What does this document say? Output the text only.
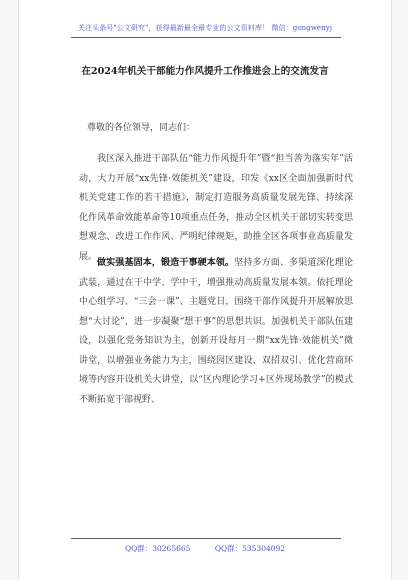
关注头条号"公文研究"，获得最新最全最专业的公文资料库！ 微信：gongwenyj
在2024年机关干部能力作风提升工作推进会上的交流发言
尊敬的各位领导，同志们：
我区深入推进干部队伍“能力作风提升年”暨“担当善为落实年”活动，大力开展“xx先锋·效能机关”建设，印发《xx区全面加强新时代机关党建工作的若干措施》，制定打造服务高质量发展先锋、持续深化作风革命效能革命等10项重点任务，推动全区机关干部切实转变思想观念、改进工作作风、严明纪律规矩，助推全区各项事业高质量发展。
做实强基固本，锻造干事硬本领。坚持多方面、多渠道深化理论武装，通过在干中学、学中干，增强推动高质量发展本领。依托理论中心组学习、“三会一课”、主题党日，围绕干部作风提升开展解放思想“大讨论”，进一步凝聚“想干事”的思想共识。加强机关干部队伍建设，以强化党务知识为主，创新开设每月一期“xx先锋·效能机关”微讲堂，以增强业务能力为主，围绕园区建设、双招双引、优化营商环境等内容开设机关大讲堂，以“区内理论学习+区外现场教学”的模式不断拓宽干部视野、
QQ群：30265665	QQ群：535304092
